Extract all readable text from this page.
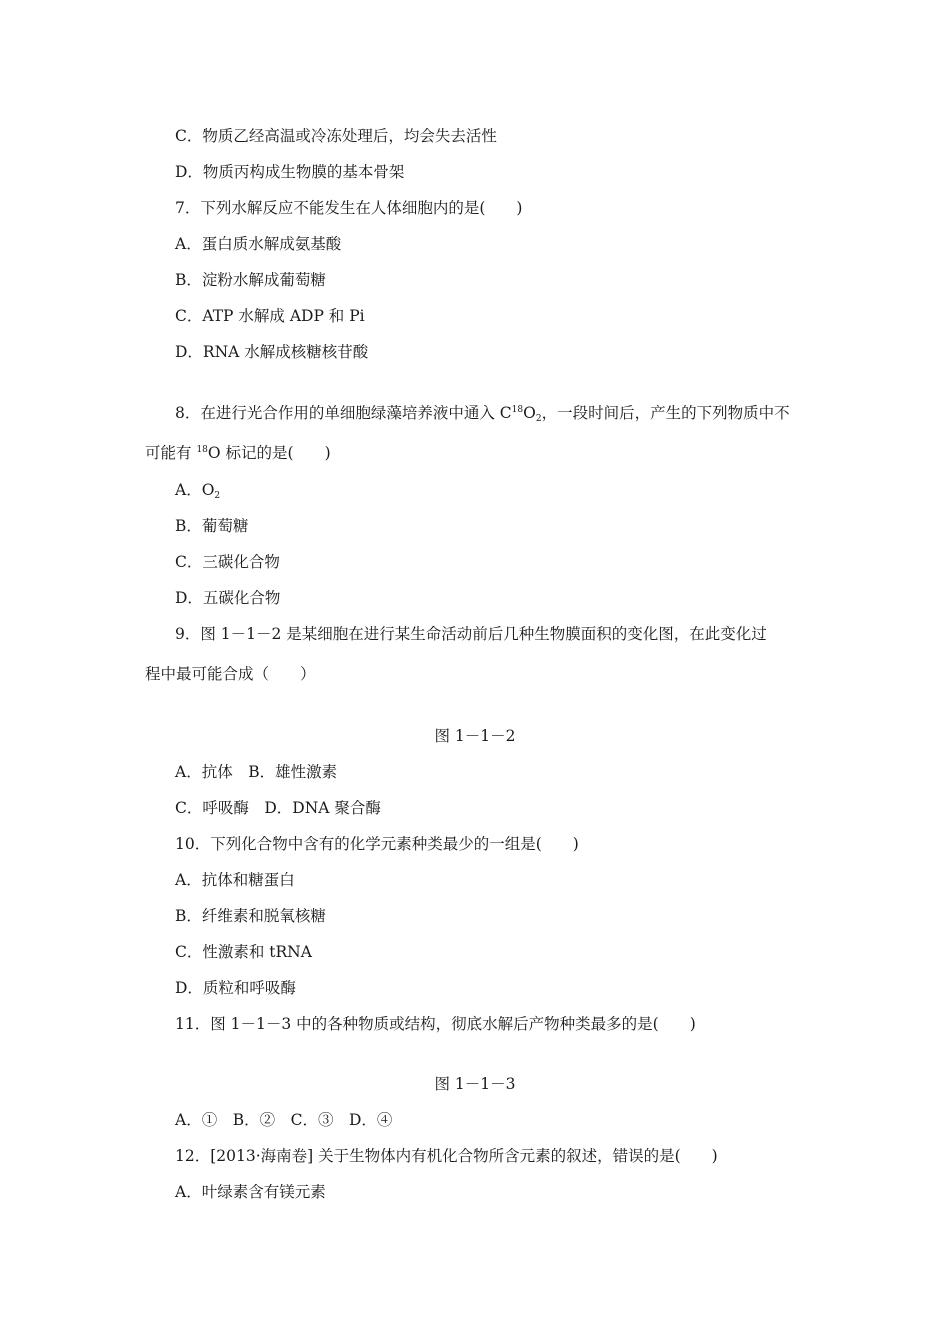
C．物质乙经高温或冷冻处理后，均会失去活性
D．物质丙构成生物膜的基本骨架
7．下列水解反应不能发生在人体细胞内的是(　　)
A．蛋白质水解成氨基酸
B．淀粉水解成葡萄糖
C．ATP 水解成 ADP 和 Pi
D．RNA 水解成核糖核苷酸
8．在进行光合作用的单细胞绿藻培养液中通入 $C^{18}O_2$，一段时间后，产生的下列物质中不
可能有 $^{18}$O 标记的是(　　)
A．$O_2$
B．葡萄糖
C．三碳化合物
D．五碳化合物
9．图 1－1－2 是某细胞在进行某生命活动前后几种生物膜面积的变化图，在此变化过
程中最可能合成（　　）
图 1－1－2
A．抗体　B．雄性激素
C．呼吸酶　D．DNA 聚合酶
10．下列化合物中含有的化学元素种类最少的一组是(　　)
A．抗体和糖蛋白
B．纤维素和脱氧核糖
C．性激素和 tRNA
D．质粒和呼吸酶
11．图 1－1－3 中的各种物质或结构，彻底水解后产物种类最多的是(　　)
图 1－1－3
A．①　B．②　C．③　D．④
12．[2013·海南卷] 关于生物体内有机化合物所含元素的叙述，错误的是(　　)
A．叶绿素含有镁元素
